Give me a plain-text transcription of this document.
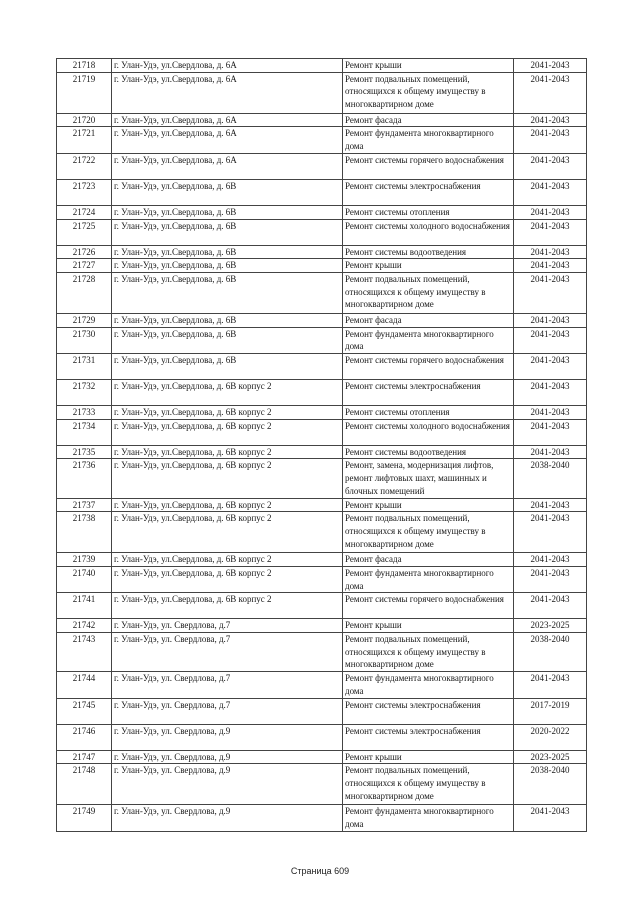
21718	г. Улан-Удэ, ул.Свердлова, д. 6А	Ремонт крыши	2041-2043
21719	г. Улан-Удэ, ул.Свердлова, д. 6А	Ремонт подвальных помещений, относящихся к общему имуществу в многоквартирном доме	2041-2043
21720	г. Улан-Удэ, ул.Свердлова, д. 6А	Ремонт фасада	2041-2043
21721	г. Улан-Удэ, ул.Свердлова, д. 6А	Ремонт фундамента многоквартирного дома	2041-2043
21722	г. Улан-Удэ, ул.Свердлова, д. 6А	Ремонт системы горячего водоснабжения	2041-2043
21723	г. Улан-Удэ, ул.Свердлова, д. 6В	Ремонт системы электроснабжения	2041-2043
21724	г. Улан-Удэ, ул.Свердлова, д. 6В	Ремонт системы отопления	2041-2043
21725	г. Улан-Удэ, ул.Свердлова, д. 6В	Ремонт системы холодного водоснабжения	2041-2043
21726	г. Улан-Удэ, ул.Свердлова, д. 6В	Ремонт системы водоотведения	2041-2043
21727	г. Улан-Удэ, ул.Свердлова, д. 6В	Ремонт крыши	2041-2043
21728	г. Улан-Удэ, ул.Свердлова, д. 6В	Ремонт подвальных помещений, относящихся к общему имуществу в многоквартирном доме	2041-2043
21729	г. Улан-Удэ, ул.Свердлова, д. 6В	Ремонт фасада	2041-2043
21730	г. Улан-Удэ, ул.Свердлова, д. 6В	Ремонт фундамента многоквартирного дома	2041-2043
21731	г. Улан-Удэ, ул.Свердлова, д. 6В	Ремонт системы горячего водоснабжения	2041-2043
21732	г. Улан-Удэ, ул.Свердлова, д. 6В корпус 2	Ремонт системы электроснабжения	2041-2043
21733	г. Улан-Удэ, ул.Свердлова, д. 6В корпус 2	Ремонт системы отопления	2041-2043
21734	г. Улан-Удэ, ул.Свердлова, д. 6В корпус 2	Ремонт системы холодного водоснабжения	2041-2043
21735	г. Улан-Удэ, ул.Свердлова, д. 6В корпус 2	Ремонт системы водоотведения	2041-2043
21736	г. Улан-Удэ, ул.Свердлова, д. 6В корпус 2	Ремонт, замена, модернизация лифтов, ремонт лифтовых шахт, машинных и блочных помещений	2038-2040
21737	г. Улан-Удэ, ул.Свердлова, д. 6В корпус 2	Ремонт крыши	2041-2043
21738	г. Улан-Удэ, ул.Свердлова, д. 6В корпус 2	Ремонт подвальных помещений, относящихся к общему имуществу в многоквартирном доме	2041-2043
21739	г. Улан-Удэ, ул.Свердлова, д. 6В корпус 2	Ремонт фасада	2041-2043
21740	г. Улан-Удэ, ул.Свердлова, д. 6В корпус 2	Ремонт фундамента многоквартирного дома	2041-2043
21741	г. Улан-Удэ, ул.Свердлова, д. 6В корпус 2	Ремонт системы горячего водоснабжения	2041-2043
21742	г. Улан-Удэ, ул. Свердлова, д.7	Ремонт крыши	2023-2025
21743	г. Улан-Удэ, ул. Свердлова, д.7	Ремонт подвальных помещений, относящихся к общему имуществу в многоквартирном доме	2038-2040
21744	г. Улан-Удэ, ул. Свердлова, д.7	Ремонт фундамента многоквартирного дома	2041-2043
21745	г. Улан-Удэ, ул. Свердлова, д.7	Ремонт системы электроснабжения	2017-2019
21746	г. Улан-Удэ, ул. Свердлова, д.9	Ремонт системы электроснабжения	2020-2022
21747	г. Улан-Удэ, ул. Свердлова, д.9	Ремонт крыши	2023-2025
21748	г. Улан-Удэ, ул. Свердлова, д.9	Ремонт подвальных помещений, относящихся к общему имуществу в многоквартирном доме	2038-2040
21749	г. Улан-Удэ, ул. Свердлова, д.9	Ремонт фундамента многоквартирного дома	2041-2043
Страница 609
